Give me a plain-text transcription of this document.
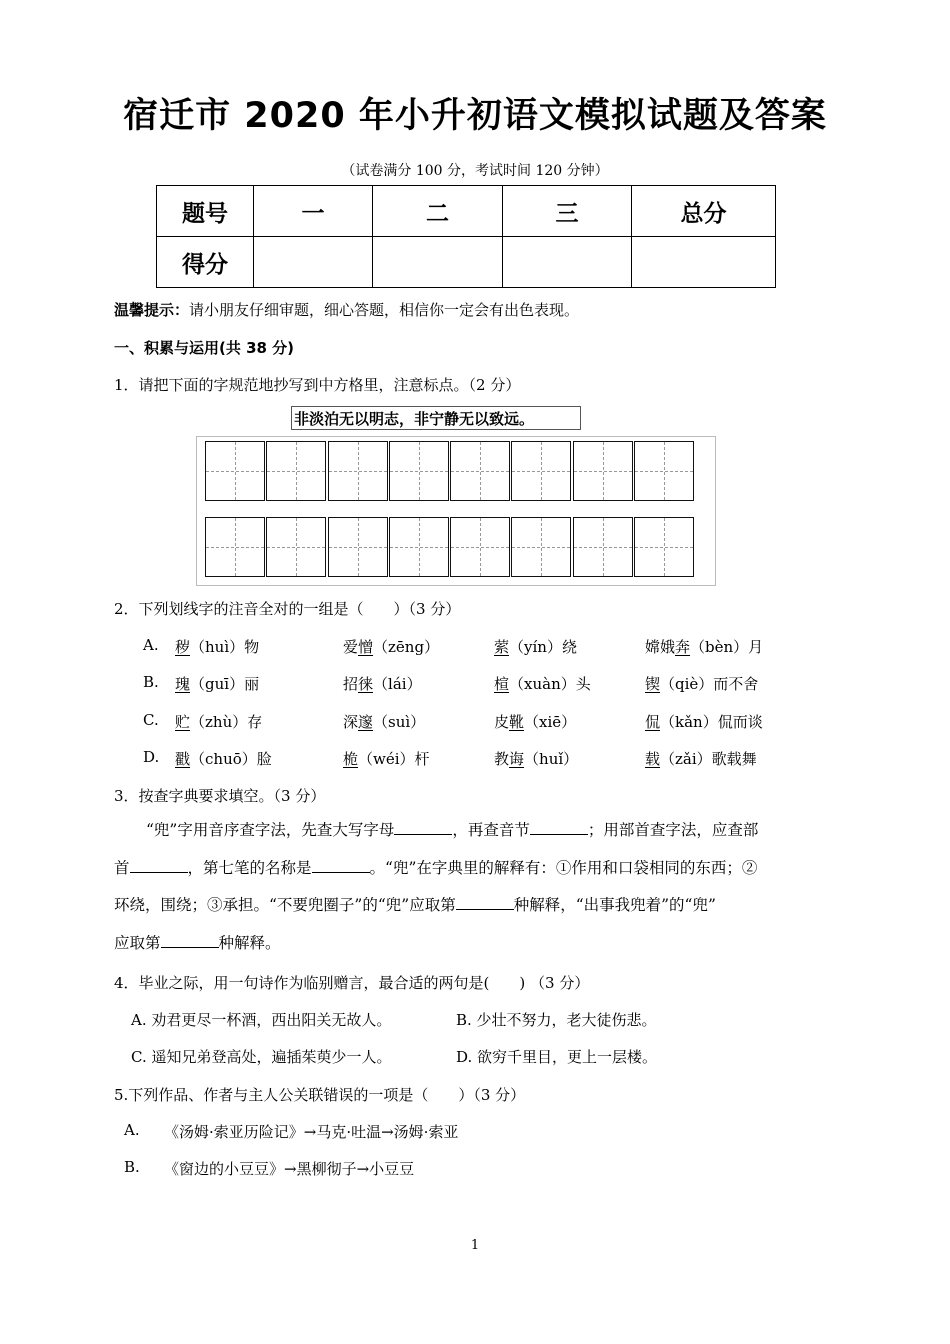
宿迁市 2020 年小升初语文模拟试题及答案
（试卷满分 100 分，考试时间 120 分钟）
题号	一	二	三	总分
得分				
温馨提示：请小朋友仔细审题，细心答题，相信你一定会有出色表现。
一、积累与运用(共 38 分)
1．请把下面的字规范地抄写到中方格里，注意标点。（2 分）
非淡泊无以明志，非宁静无以致远。
2．下列划线字的注音全对的一组是（　　）（3 分）
A. 秽（huì）物	爱憎（zēng）	萦（yín）绕	嫦娥奔（bèn）月
B. 瑰（guī）丽	招徕（lái）	楦（xuàn）头	锲（qiè）而不舍
C. 贮（zhù）存	深邃（suì）	皮靴（xiē）	侃（kǎn）侃而谈
D. 戳（chuō）脸	桅（wéi）杆	教诲（huǐ）	载（zǎi）歌载舞
3．按查字典要求填空。（3 分）
“兜”字用音序查字法，先查大写字母	，再查音节	；用部首查字法，应查部
首	，第七笔的名称是	。“兜”在字典里的解释有：①作用和口袋相同的东西；②
环绕，围绕；③承担。“不要兜圈子”的“兜”应取第	种解释，“出事我兜着”的“兜”
应取第	种解释。
4．毕业之际，用一句诗作为临别赠言，最合适的两句是(　　) （3 分）
A. 劝君更尽一杯酒，西出阳关无故人。	B. 少壮不努力，老大徒伤悲。
C. 遥知兄弟登高处，遍插茱萸少一人。	D. 欲穷千里目，更上一层楼。
5.下列作品、作者与主人公关联错误的一项是（　　）（3 分）
A. 《汤姆·索亚历险记》→马克·吐温→汤姆·索亚
B. 《窗边的小豆豆》→黑柳彻子→小豆豆
1
